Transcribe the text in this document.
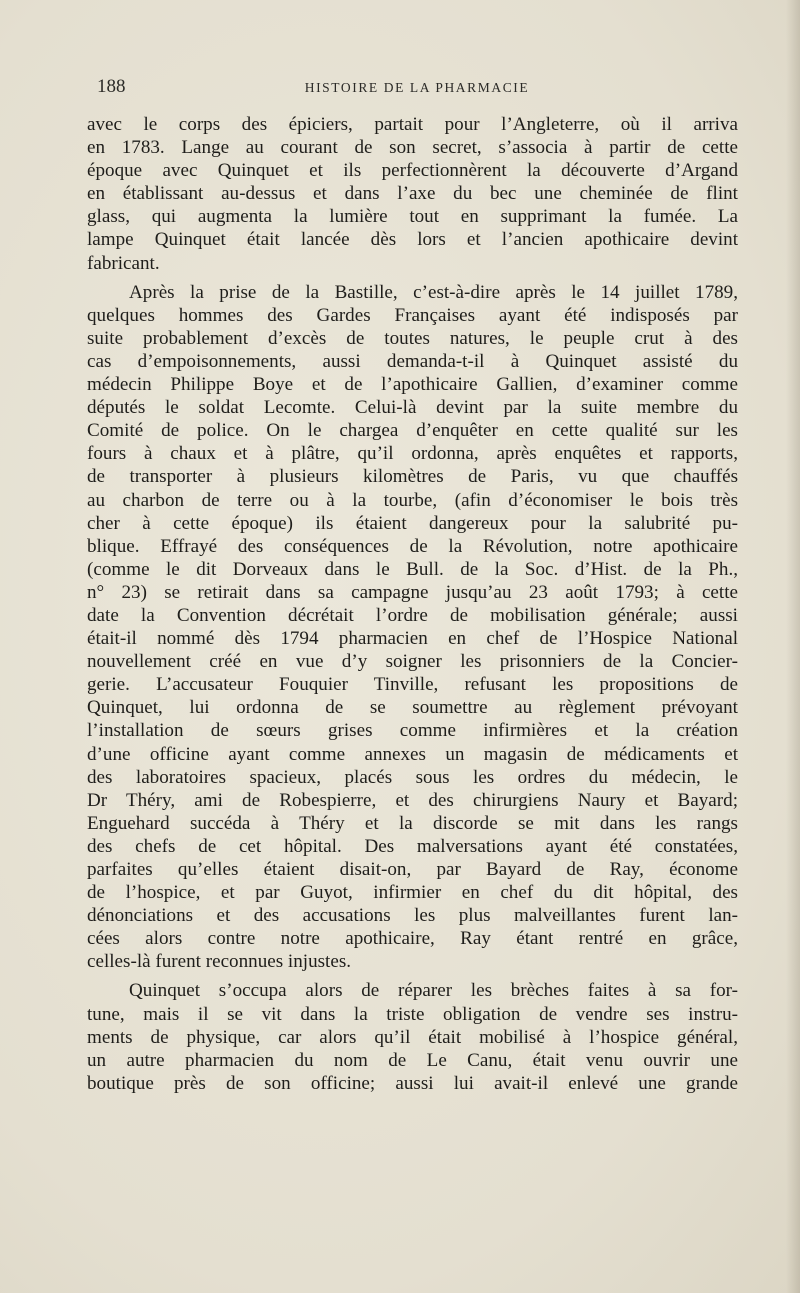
188	HISTOIRE DE LA PHARMACIE
avec le corps des épiciers, partait pour l’Angleterre, où il arriva
en 1783. Lange au courant de son secret, s’associa à partir de cette
époque avec Quinquet et ils perfectionnèrent la découverte d’Argand
en établissant au-dessus et dans l’axe du bec une cheminée de flint
glass, qui augmenta la lumière tout en supprimant la fumée. La
lampe Quinquet était lancée dès lors et l’ancien apothicaire devint
fabricant.
Après la prise de la Bastille, c’est-à-dire après le 14 juillet 1789,
quelques hommes des Gardes Françaises ayant été indisposés par
suite probablement d’excès de toutes natures, le peuple crut à des
cas d’empoisonnements, aussi demanda-t-il à Quinquet assisté du
médecin Philippe Boye et de l’apothicaire Gallien, d’examiner comme
députés le soldat Lecomte. Celui-là devint par la suite membre du
Comité de police. On le chargea d’enquêter en cette qualité sur les
fours à chaux et à plâtre, qu’il ordonna, après enquêtes et rapports,
de transporter à plusieurs kilomètres de Paris, vu que chauffés
au charbon de terre ou à la tourbe, (afin d’économiser le bois très
cher à cette époque) ils étaient dangereux pour la salubrité pu-
blique. Effrayé des conséquences de la Révolution, notre apothicaire
(comme le dit Dorveaux dans le Bull. de la Soc. d’Hist. de la Ph.,
n° 23) se retirait dans sa campagne jusqu’au 23 août 1793; à cette
date la Convention décrétait l’ordre de mobilisation générale; aussi
était-il nommé dès 1794 pharmacien en chef de l’Hospice National
nouvellement créé en vue d’y soigner les prisonniers de la Concier-
gerie. L’accusateur Fouquier Tinville, refusant les propositions de
Quinquet, lui ordonna de se soumettre au règlement prévoyant
l’installation de sœurs grises comme infirmières et la création
d’une officine ayant comme annexes un magasin de médicaments et
des laboratoires spacieux, placés sous les ordres du médecin, le
Dr Théry, ami de Robespierre, et des chirurgiens Naury et Bayard;
Enguehard succéda à Théry et la discorde se mit dans les rangs
des chefs de cet hôpital. Des malversations ayant été constatées,
parfaites qu’elles étaient disait-on, par Bayard de Ray, économe
de l’hospice, et par Guyot, infirmier en chef du dit hôpital, des
dénonciations et des accusations les plus malveillantes furent lan-
cées alors contre notre apothicaire, Ray étant rentré en grâce,
celles-là furent reconnues injustes.
Quinquet s’occupa alors de réparer les brèches faites à sa for-
tune, mais il se vit dans la triste obligation de vendre ses instru-
ments de physique, car alors qu’il était mobilisé à l’hospice général,
un autre pharmacien du nom de Le Canu, était venu ouvrir une
boutique près de son officine; aussi lui avait-il enlevé une grande
